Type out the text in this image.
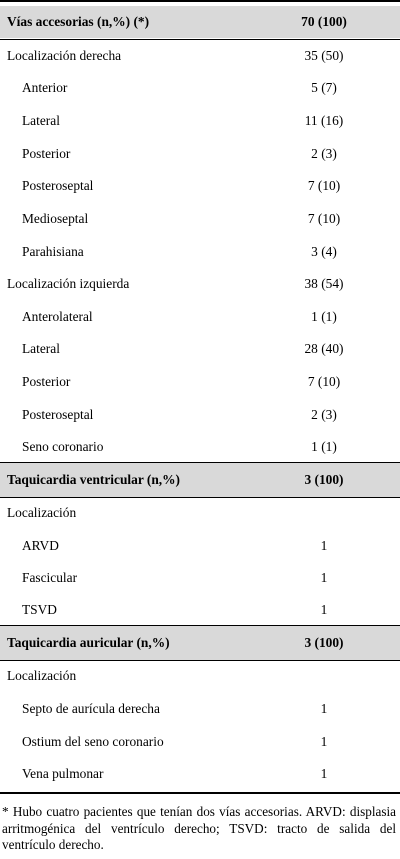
Vías accesorias (n,%) (*)	70 (100)
Localización derecha	35 (50)
Anterior	5 (7)
Lateral	11 (16)
Posterior	2 (3)
Posteroseptal	7 (10)
Medioseptal	7 (10)
Parahisiana	3 (4)
Localización izquierda	38 (54)
Anterolateral	1 (1)
Lateral	28 (40)
Posterior	7 (10)
Posteroseptal	2 (3)
Seno coronario	1 (1)
Taquicardia ventricular (n,%)	3 (100)
Localización
ARVD	1
Fascicular	1
TSVD	1
Taquicardia auricular (n,%)	3 (100)
Localización
Septo de aurícula derecha	1
Ostium del seno coronario	1
Vena pulmonar	1
* Hubo cuatro pacientes que tenían dos vías accesorias. ARVD: displasia arritmogénica del ventrículo derecho; TSVD: tracto de salida del ventrículo derecho.
